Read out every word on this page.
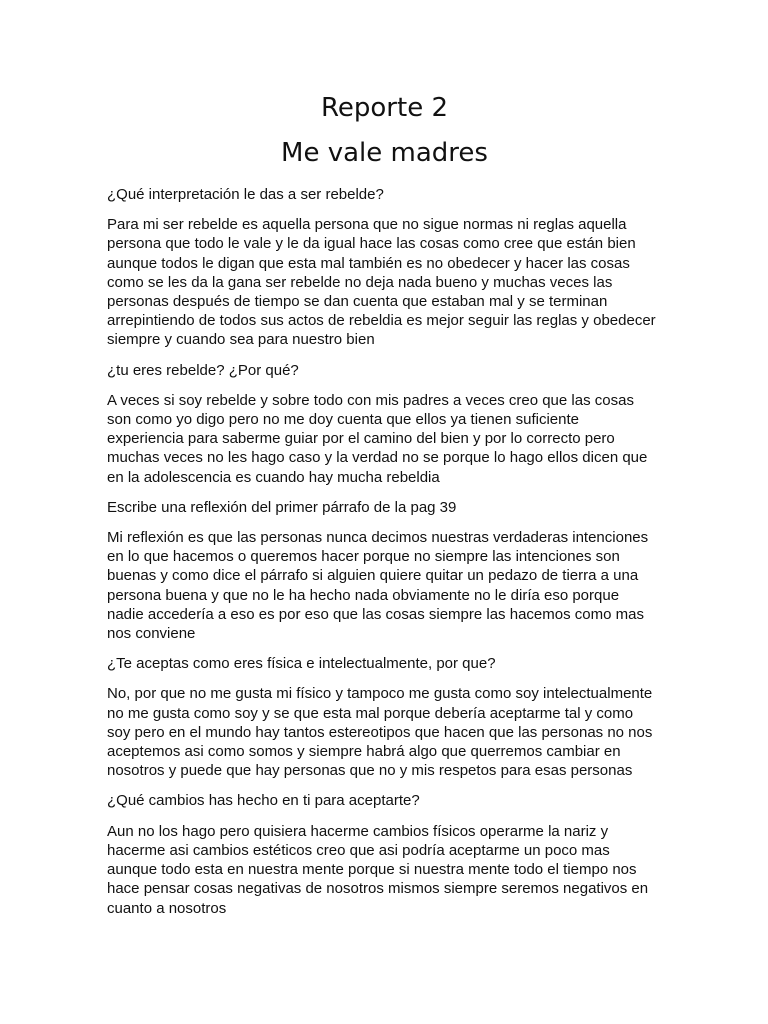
Reporte 2
Me vale madres

¿Qué interpretación le das a ser rebelde?

Para mi ser rebelde es aquella persona que no sigue normas ni reglas aquella
persona que todo le vale y le da igual hace las cosas como cree que están bien
aunque todos le digan que esta mal también es no obedecer y hacer las cosas
como se les da la gana ser rebelde no deja nada bueno y muchas veces las
personas después de tiempo se dan cuenta que estaban mal y se terminan
arrepintiendo de todos sus actos de rebeldia es mejor seguir las reglas y obedecer
siempre y cuando sea para nuestro bien

¿tu eres rebelde? ¿Por qué?

A veces si soy rebelde y sobre todo con mis padres a veces creo que las cosas
son como yo digo pero no me doy cuenta que ellos ya tienen suficiente
experiencia para saberme guiar por el camino del bien y por lo correcto pero
muchas veces no les hago caso y la verdad no se porque lo hago ellos dicen que
en la adolescencia es cuando hay mucha rebeldia

Escribe una reflexión del primer párrafo de la pag 39

Mi reflexión es que las personas nunca decimos nuestras verdaderas intenciones
en lo que hacemos o queremos hacer porque no siempre las intenciones son
buenas y como dice el párrafo si alguien quiere quitar un pedazo de tierra a una
persona buena y que no le ha hecho nada obviamente no le diría eso porque
nadie accedería a eso es por eso que las cosas siempre las hacemos como mas
nos conviene

¿Te aceptas como eres física e intelectualmente, por que?

No, por que no me gusta mi físico y tampoco me gusta como soy intelectualmente
no me gusta como soy y se que esta mal porque debería aceptarme tal y como
soy pero en el mundo hay tantos estereotipos que hacen que las personas no nos
aceptemos asi como somos y siempre habrá algo que querremos cambiar en
nosotros y puede que hay personas que no y mis respetos para esas personas

¿Qué cambios has hecho en ti para aceptarte?

Aun no los hago pero quisiera hacerme cambios físicos operarme la nariz y
hacerme asi cambios estéticos creo que asi podría aceptarme un poco mas
aunque todo esta en nuestra mente porque si nuestra mente todo el tiempo nos
hace pensar cosas negativas de nosotros mismos siempre seremos negativos en
cuanto a nosotros
